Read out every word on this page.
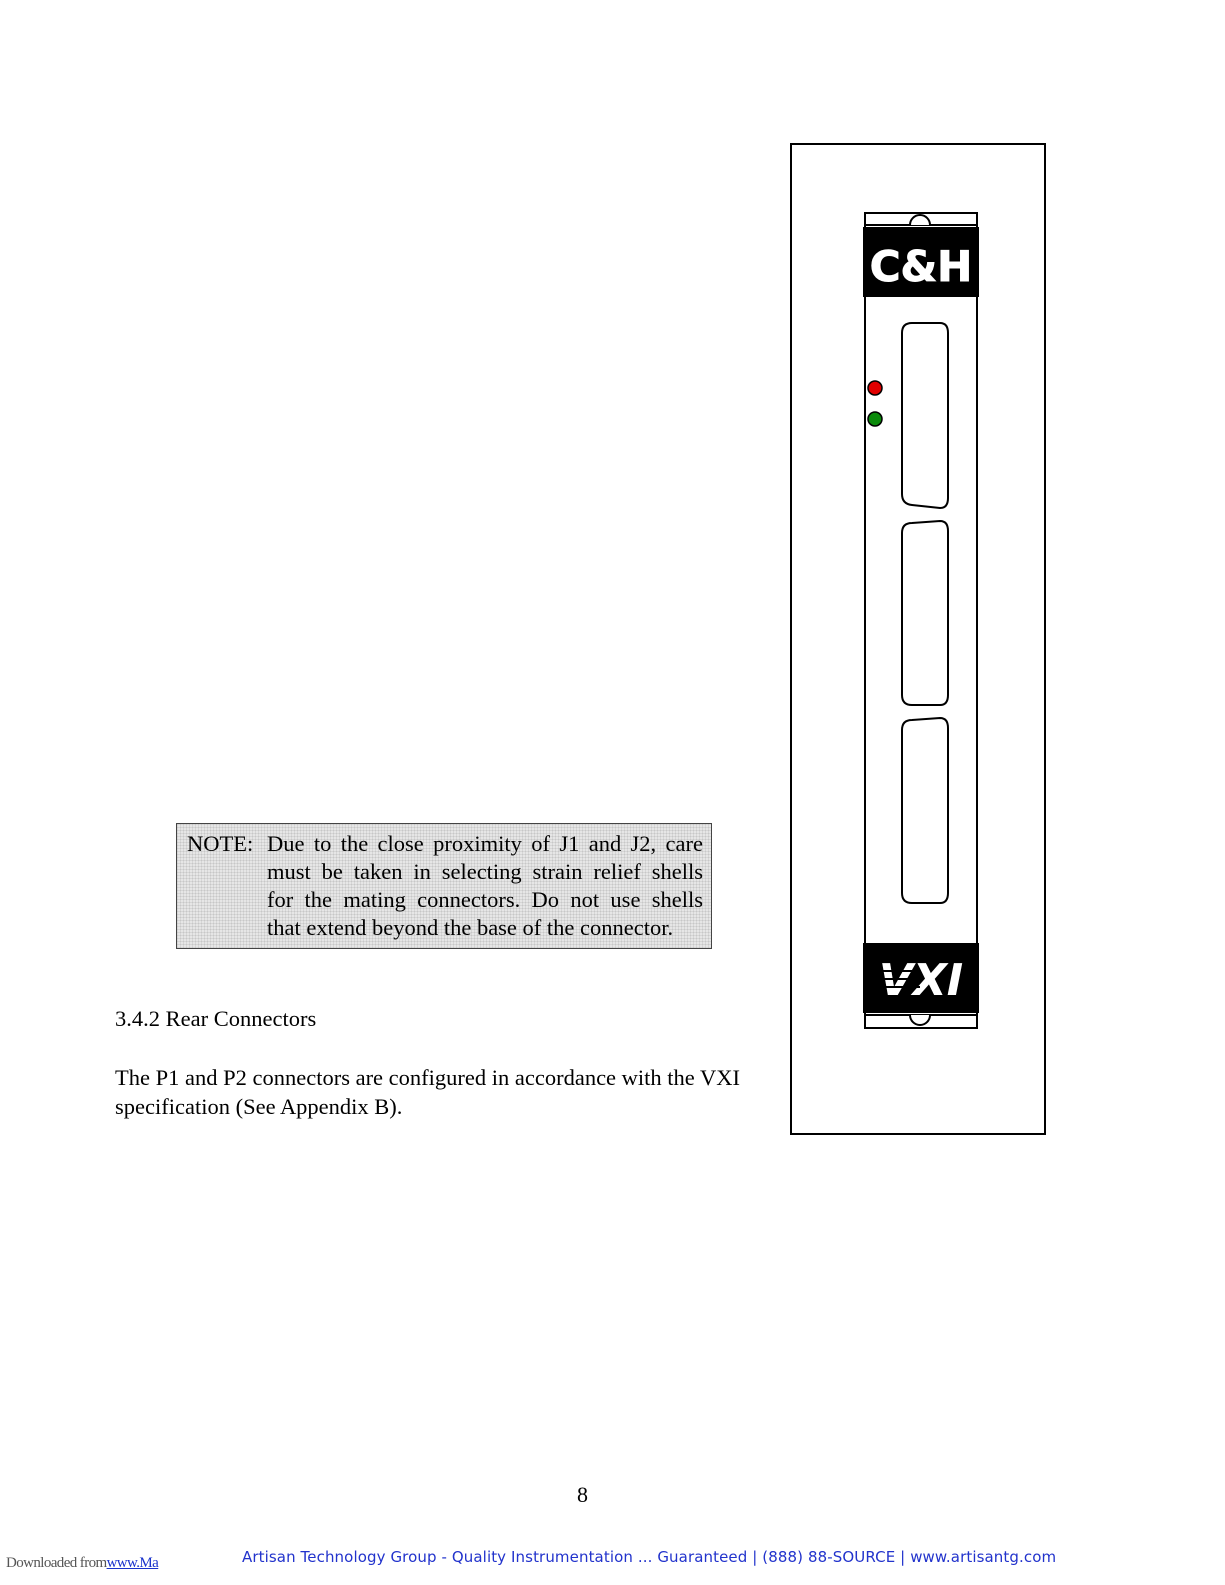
C&H
VXI
NOTE: Due to the close proximity of J1 and J2, care
must be taken in selecting strain relief shells
for the mating connectors. Do not use shells
that extend beyond the base of the connector.
3.4.2 Rear Connectors
The P1 and P2 connectors are configured in accordance with the VXI
specification (See Appendix B).
8
Downloaded fromwww.Ma	Artisan Technology Group - Quality Instrumentation ... Guaranteed | (888) 88-SOURCE | www.artisantg.com
